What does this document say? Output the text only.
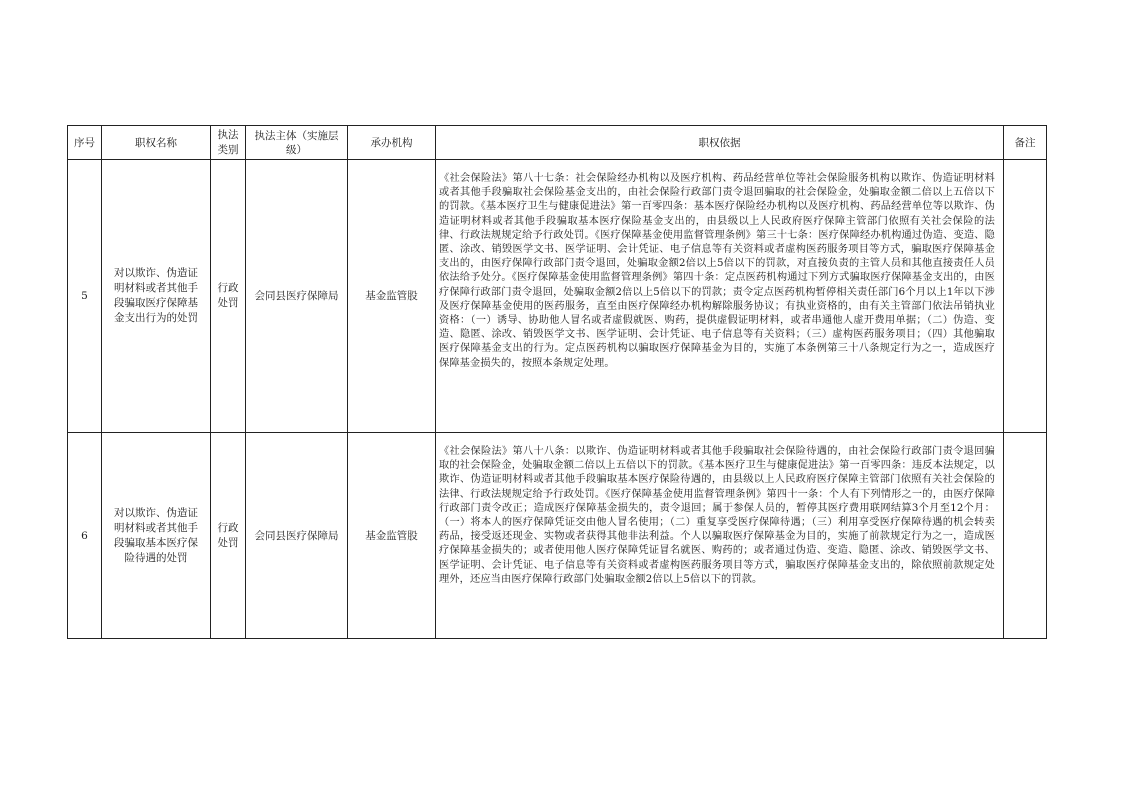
序号	职权名称	执法类别	执法主体（实施层级）	承办机构	职权依据	备注
5	对以欺诈、伪造证明材料或者其他手段骗取医疗保障基金支出行为的处罚	行政处罚	会同县医疗保障局	基金监管股	《社会保险法》第八十七条：社会保险经办机构以及医疗机构、药品经营单位等社会保险服务机构以欺诈、伪造证明材料或者其他手段骗取社会保险基金支出的，由社会保险行政部门责令退回骗取的社会保险金，处骗取金额二倍以上五倍以下的罚款。《基本医疗卫生与健康促进法》第一百零四条：基本医疗保险经办机构以及医疗机构、药品经营单位等以欺诈、伪造证明材料或者其他手段骗取基本医疗保险基金支出的，由县级以上人民政府医疗保障主管部门依照有关社会保险的法律、行政法规规定给予行政处罚。《医疗保障基金使用监督管理条例》第三十七条：医疗保障经办机构通过伪造、变造、隐匿、涂改、销毁医学文书、医学证明、会计凭证、电子信息等有关资料或者虚构医药服务项目等方式，骗取医疗保障基金支出的，由医疗保障行政部门责令退回，处骗取金额2倍以上5倍以下的罚款，对直接负责的主管人员和其他直接责任人员依法给予处分。《医疗保障基金使用监督管理条例》第四十条：定点医药机构通过下列方式骗取医疗保障基金支出的，由医疗保障行政部门责令退回，处骗取金额2倍以上5倍以下的罚款；责令定点医药机构暂停相关责任部门6个月以上1年以下涉及医疗保障基金使用的医药服务，直至由医疗保障经办机构解除服务协议；有执业资格的，由有关主管部门依法吊销执业资格：（一）诱导、协助他人冒名或者虚假就医、购药，提供虚假证明材料，或者串通他人虚开费用单据；（二）伪造、变造、隐匿、涂改、销毁医学文书、医学证明、会计凭证、电子信息等有关资料；（三）虚构医药服务项目；（四）其他骗取医疗保障基金支出的行为。定点医药机构以骗取医疗保障基金为目的，实施了本条例第三十八条规定行为之一，造成医疗保障基金损失的，按照本条规定处理。	
6	对以欺诈、伪造证明材料或者其他手段骗取基本医疗保险待遇的处罚	行政处罚	会同县医疗保障局	基金监管股	《社会保险法》第八十八条：以欺诈、伪造证明材料或者其他手段骗取社会保险待遇的，由社会保险行政部门责令退回骗取的社会保险金，处骗取金额二倍以上五倍以下的罚款。《基本医疗卫生与健康促进法》第一百零四条：违反本法规定，以欺诈、伪造证明材料或者其他手段骗取基本医疗保险待遇的，由县级以上人民政府医疗保障主管部门依照有关社会保险的法律、行政法规规定给予行政处罚。《医疗保障基金使用监督管理条例》第四十一条：个人有下列情形之一的，由医疗保障行政部门责令改正；造成医疗保障基金损失的，责令退回；属于参保人员的，暂停其医疗费用联网结算3个月至12个月：（一）将本人的医疗保障凭证交由他人冒名使用；（二）重复享受医疗保障待遇；（三）利用享受医疗保障待遇的机会转卖药品，接受返还现金、实物或者获得其他非法利益。个人以骗取医疗保障基金为目的，实施了前款规定行为之一，造成医疗保障基金损失的；或者使用他人医疗保障凭证冒名就医、购药的；或者通过伪造、变造、隐匿、涂改、销毁医学文书、医学证明、会计凭证、电子信息等有关资料或者虚构医药服务项目等方式，骗取医疗保障基金支出的，除依照前款规定处理外，还应当由医疗保障行政部门处骗取金额2倍以上5倍以下的罚款。	
